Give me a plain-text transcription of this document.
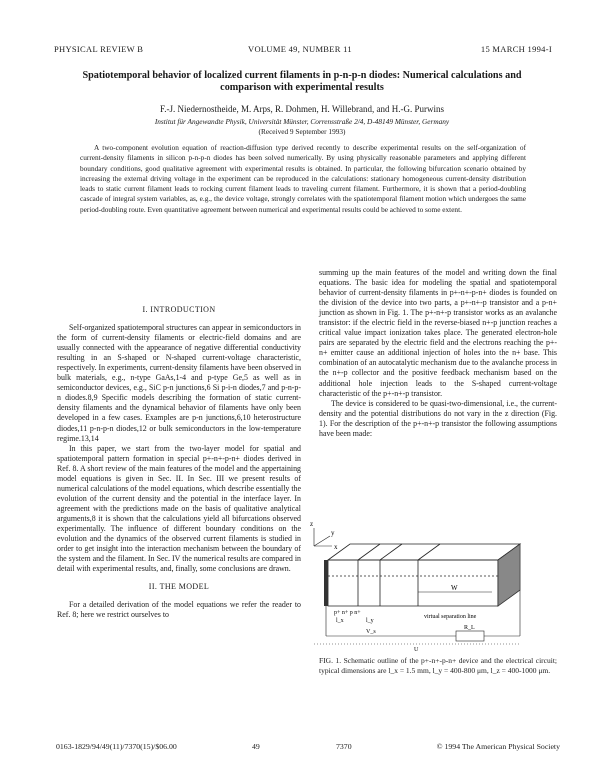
PHYSICAL REVIEW B	VOLUME 49, NUMBER 11	15 MARCH 1994-I
Spatiotemporal behavior of localized current filaments in p-n-p-n diodes: Numerical calculations and comparison with experimental results
F.-J. Niedernostheide, M. Arps, R. Dohmen, H. Willebrand, and H.-G. Purwins
Institut für Angewandte Physik, Universität Münster, Corrensstraße 2/4, D-48149 Münster, Germany
(Received 9 September 1993)

A two-component evolution equation of reaction-diffusion type derived recently to describe experimental results on the self-organization of current-density filaments in silicon p-n-p-n diodes has been solved numerically. By using physically reasonable parameters and applying different boundary conditions, good qualitative agreement with experimental results is obtained. In particular, the following bifurcation scenario obtained by increasing the external driving voltage in the experiment can be reproduced in the calculations: stationary homogeneous current-density distribution leads to static current filament leads to rocking current filament leads to traveling current filament. Furthermore, it is shown that a period-doubling cascade of integral system variables, as, e.g., the device voltage, strongly correlates with the spatiotemporal filament motion which undergoes the same period-doubling route. Even quantitative agreement between numerical and experimental results could be achieved to some extent.

I. INTRODUCTION

Self-organized spatiotemporal structures can appear in semiconductors in the form of current-density filaments or electric-field domains and are usually connected with the appearance of negative differential conductivity resulting in an S-shaped or N-shaped current-voltage characteristic, respectively. In experiments, current-density filaments have been observed in bulk materials, e.g., n-type GaAs,1-4 and p-type Ge,5 as well as in semiconductor devices, e.g., SiC p-n junctions,6 Si p-i-n diodes,7 and p-n-p-n diodes.8,9 Specific models describing the formation of static current-density filaments and the dynamical behavior of filaments have only been developed in a few cases. Examples are p-n junctions,6,10 heterostructure diodes,11 p-n-p-n diodes,12 or bulk semiconductors in the low-temperature regime.13,14

In this paper, we start from the two-layer model for spatial and spatiotemporal pattern formation in special p+-n+-p-n+ diodes derived in Ref. 8. A short review of the main features of the model and the appertaining model equations is given in Sec. II. In Sec. III we present results of numerical calculations of the model equations, which describe essentially the evolution of the current density and the potential in the interface layer. In agreement with the predictions made on the basis of qualitative analytical arguments,8 it is shown that the calculations yield all bifurcations observed experimentally. The influence of different boundary conditions on the evolution and the dynamics of the observed current filaments is studied in order to get insight into the interaction mechanism between the boundary of the system and the filament. In Sec. IV the numerical results are compared in detail with experimental results, and, finally, some conclusions are drawn.

II. THE MODEL

For a detailed derivation of the model equations we refer the reader to Ref. 8; here we restrict ourselves to

summing up the main features of the model and writing down the final equations. The basic idea for modeling the spatial and spatiotemporal behavior of current-density filaments in p+-n+-p-n+ diodes is founded on the division of the device into two parts, a p+-n+-p transistor and a p-n+ junction as shown in Fig. 1. The p+-n+-p transistor works as an avalanche transistor: if the electric field in the reverse-biased n+-p junction reaches a critical value impact ionization takes place. The generated electron-hole pairs are separated by the electric field and the electrons reaching the p+-n+ emitter cause an additional injection of holes into the n+ base. This combination of an autocatalytic mechanism due to the avalanche process in the n+-p collector and the positive feedback mechanism based on the additional hole injection leads to the S-shaped current-voltage characteristic of the p+-n+-p transistor.

The device is considered to be quasi-two-dimensional, i.e., the current-density and the potential distributions do not vary in the z direction (Fig. 1). For the description of the p+-n+-p transistor the following assumptions have been made:

z
y
x
W
p+ n+ p n+
l_x	l_y
virtual separation line
V_s
R_L
U
FIG. 1. Schematic outline of the p+-n+-p-n+ device and the electrical circuit; typical dimensions are l_x = 1.5 mm, l_y = 400-800 μm, l_z = 400-1000 μm.
0163-1829/94/49(11)/7370(15)/$06.00	49	7370	© 1994 The American Physical Society
